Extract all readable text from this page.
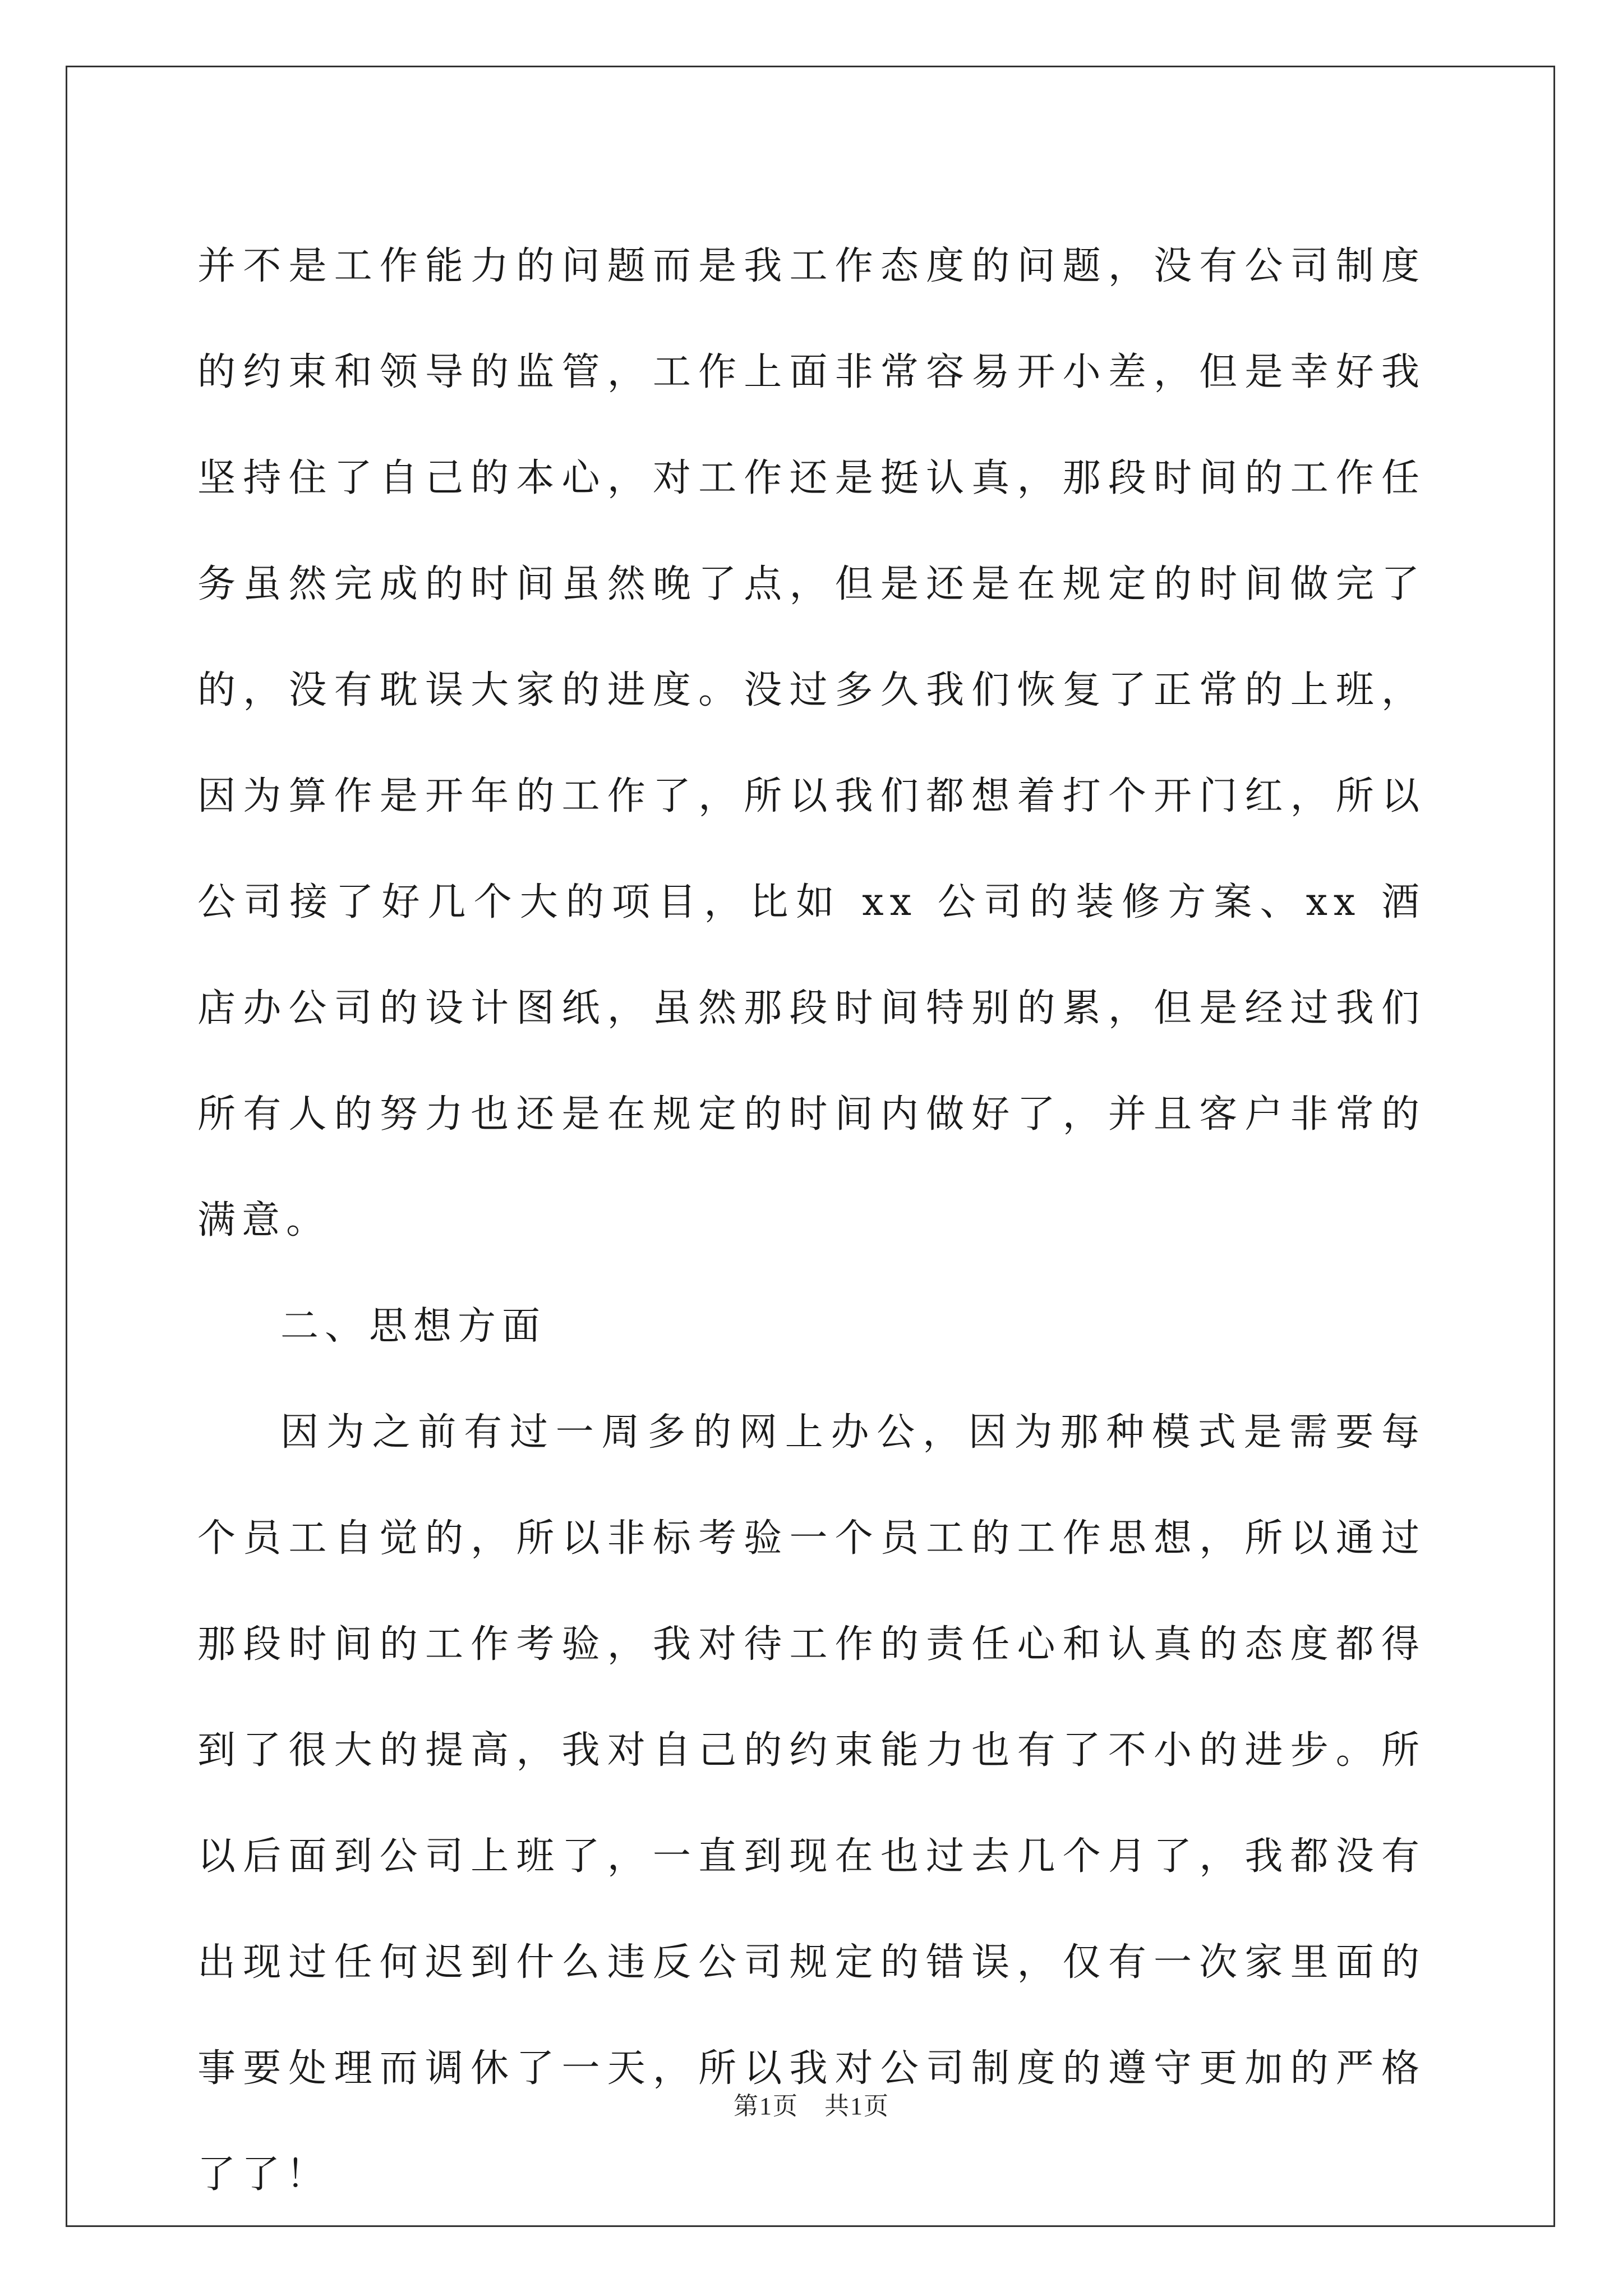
并不是工作能力的问题而是我工作态度的问题，没有公司制度的约束和领导的监管，工作上面非常容易开小差，但是幸好我坚持住了自己的本心，对工作还是挺认真，那段时间的工作任务虽然完成的时间虽然晚了点，但是还是在规定的时间做完了的，没有耽误大家的进度。没过多久我们恢复了正常的上班，因为算作是开年的工作了，所以我们都想着打个开门红，所以公司接了好几个大的项目，比如 xx 公司的装修方案、xx 酒店办公司的设计图纸，虽然那段时间特别的累，但是经过我们所有人的努力也还是在规定的时间内做好了，并且客户非常的满意。

二、思想方面

因为之前有过一周多的网上办公，因为那种模式是需要每个员工自觉的，所以非标考验一个员工的工作思想，所以通过那段时间的工作考验，我对待工作的责任心和认真的态度都得到了很大的提高，我对自己的约束能力也有了不小的进步。所以后面到公司上班了，一直到现在也过去几个月了，我都没有出现过任何迟到什么违反公司规定的错误，仅有一次家里面的事要处理而调休了一天，所以我对公司制度的遵守更加的严格了了！

第1页　共1页
